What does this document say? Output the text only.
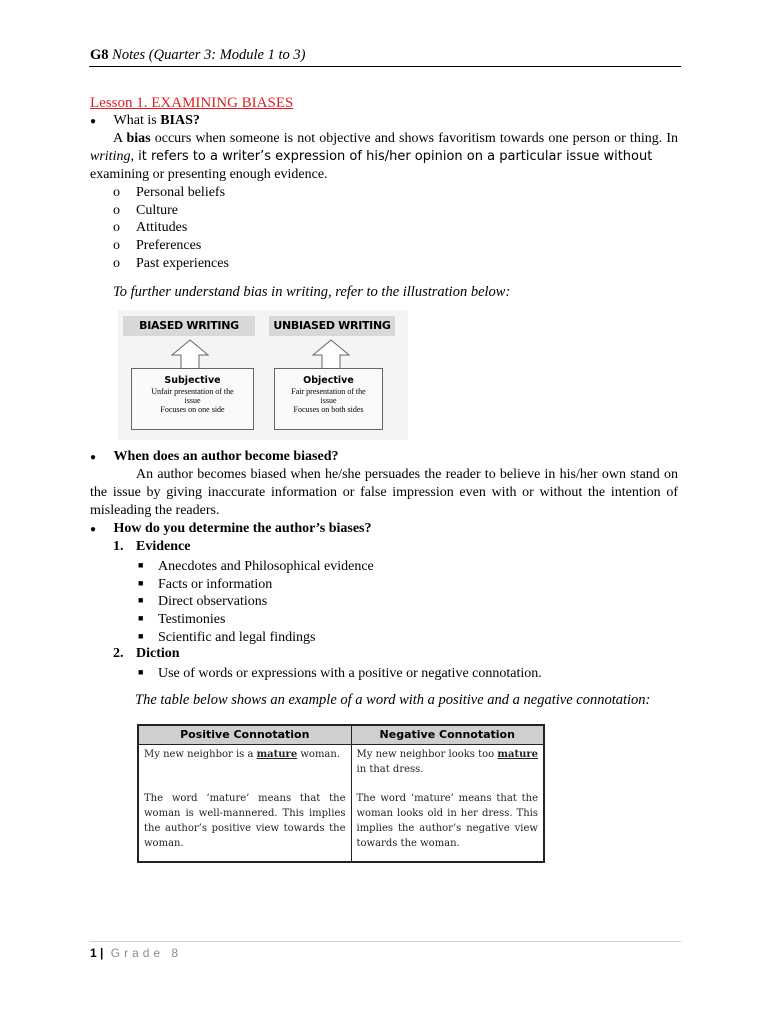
G8 Notes (Quarter 3: Module 1 to 3)
Lesson 1. EXAMINING BIASES
● What is BIAS?
A bias occurs when someone is not objective and shows favoritism towards one person or thing. In writing, it refers to a writer’s expression of his/her opinion on a particular issue without
examining or presenting enough evidence.
o Personal beliefs
o Culture
o Attitudes
o Preferences
o Past experiences
To further understand bias in writing, refer to the illustration below:
BIASED WRITING	UNBIASED WRITING
Subjective
Unfair presentation of the
issue
Focuses on one side
Objective
Fair presentation of the
issue
Focuses on both sides
● When does an author become biased?
An author becomes biased when he/she persuades the reader to believe in his/her own stand on the issue by giving inaccurate information or false impression even with or without the intention of misleading the readers.
● How do you determine the author’s biases?
1. Evidence
■ Anecdotes and Philosophical evidence
■ Facts or information
■ Direct observations
■ Testimonies
■ Scientific and legal findings
2. Diction
■ Use of words or expressions with a positive or negative connotation.
The table below shows an example of a word with a positive and a negative connotation:
Positive Connotation	Negative Connotation
My new neighbor is a mature woman.	My new neighbor looks too mature in that dress.
The word ‘mature’ means that the woman is well-mannered. This implies the author’s positive view towards the woman.	The word ‘mature’ means that the woman looks old in her dress. This implies the author’s negative view towards the woman.
1 | Grade 8
